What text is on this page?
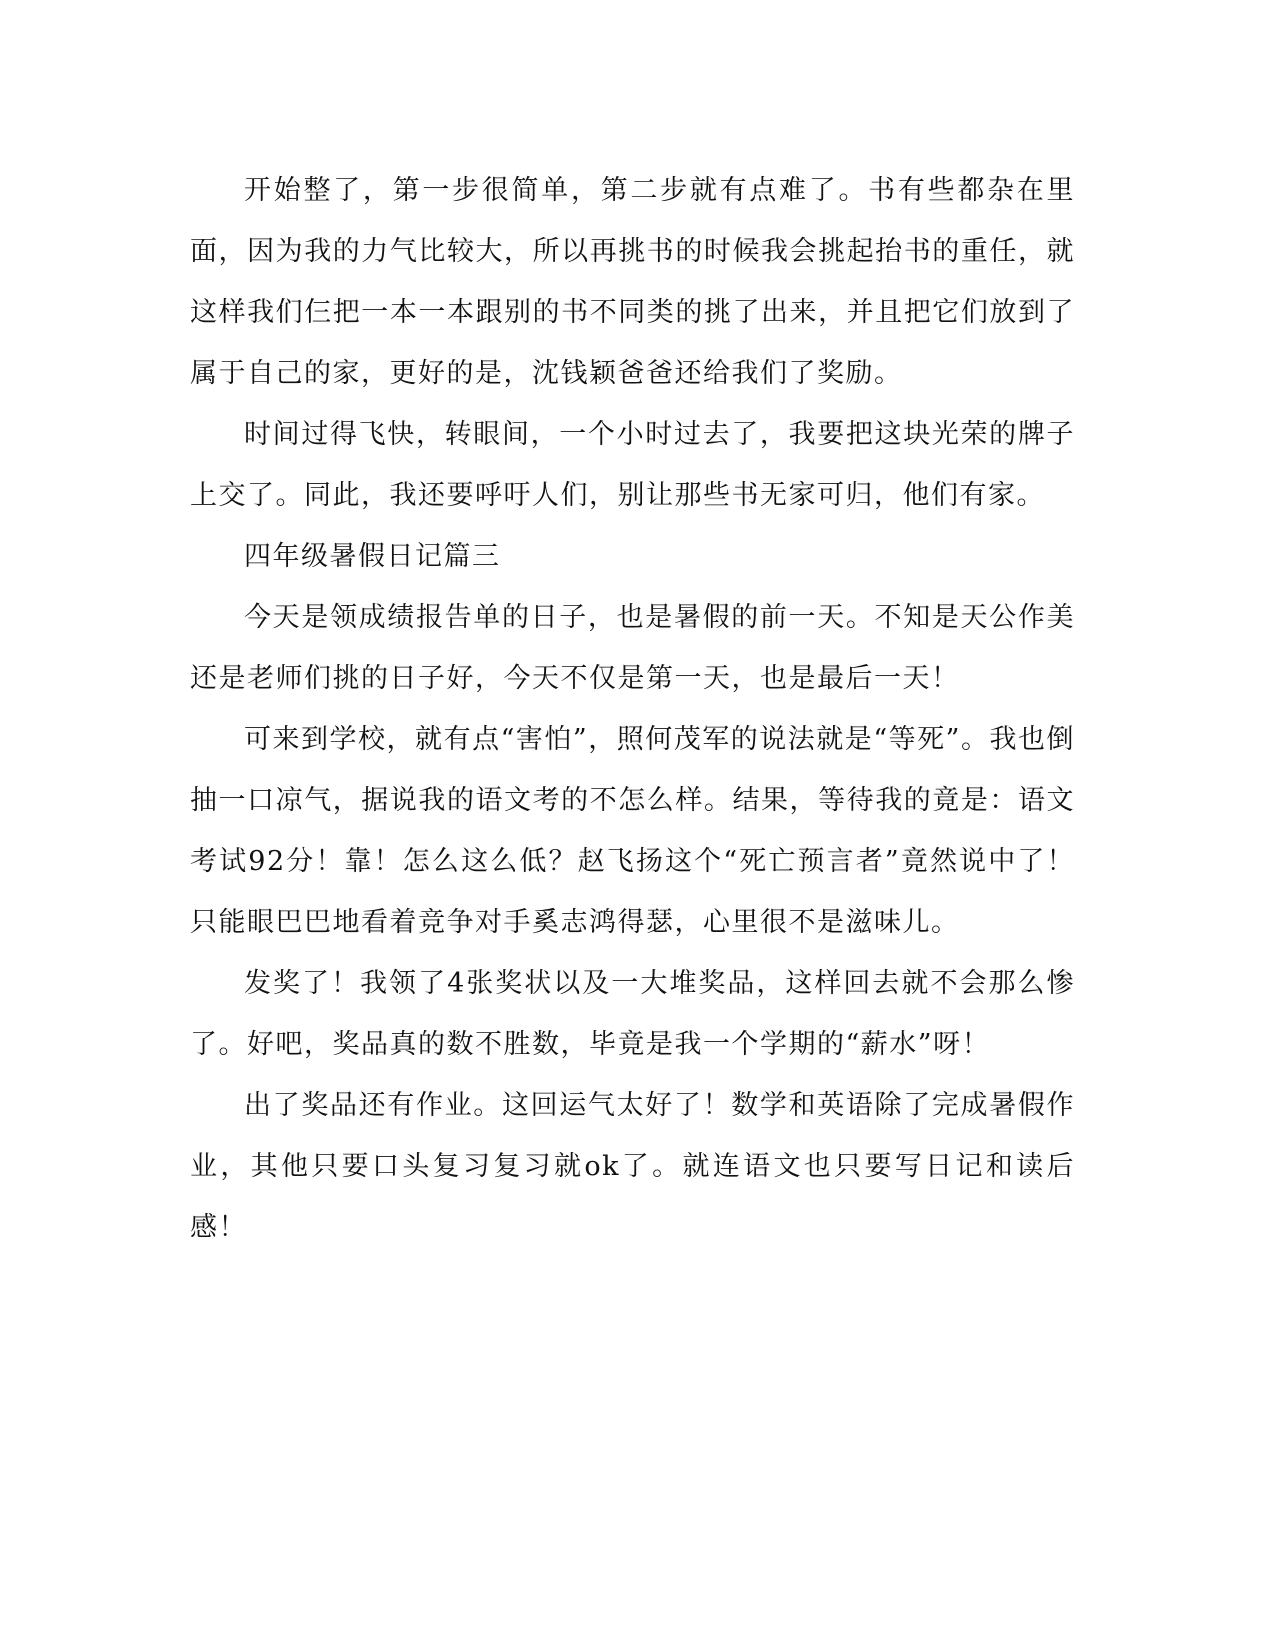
开始整了，第一步很简单，第二步就有点难了。书有些都杂在里面，因为我的力气比较大，所以再挑书的时候我会挑起抬书的重任，就这样我们仨把一本一本跟别的书不同类的挑了出来，并且把它们放到了属于自己的家，更好的是，沈钱颖爸爸还给我们了奖励。

时间过得飞快，转眼间，一个小时过去了，我要把这块光荣的牌子上交了。同此，我还要呼吁人们，别让那些书无家可归，他们有家。

四年级暑假日记篇三

今天是领成绩报告单的日子，也是暑假的前一天。不知是天公作美还是老师们挑的日子好，今天不仅是第一天，也是最后一天！

可来到学校，就有点“害怕”，照何茂军的说法就是“等死”。我也倒抽一口凉气，据说我的语文考的不怎么样。结果，等待我的竟是：语文考试92分！靠！怎么这么低？赵飞扬这个“死亡预言者”竟然说中了！只能眼巴巴地看着竞争对手奚志鸿得瑟，心里很不是滋味儿。

发奖了！我领了4张奖状以及一大堆奖品，这样回去就不会那么惨了。好吧，奖品真的数不胜数，毕竟是我一个学期的“薪水”呀！

出了奖品还有作业。这回运气太好了！数学和英语除了完成暑假作业，其他只要口头复习复习就ok了。就连语文也只要写日记和读后感！
